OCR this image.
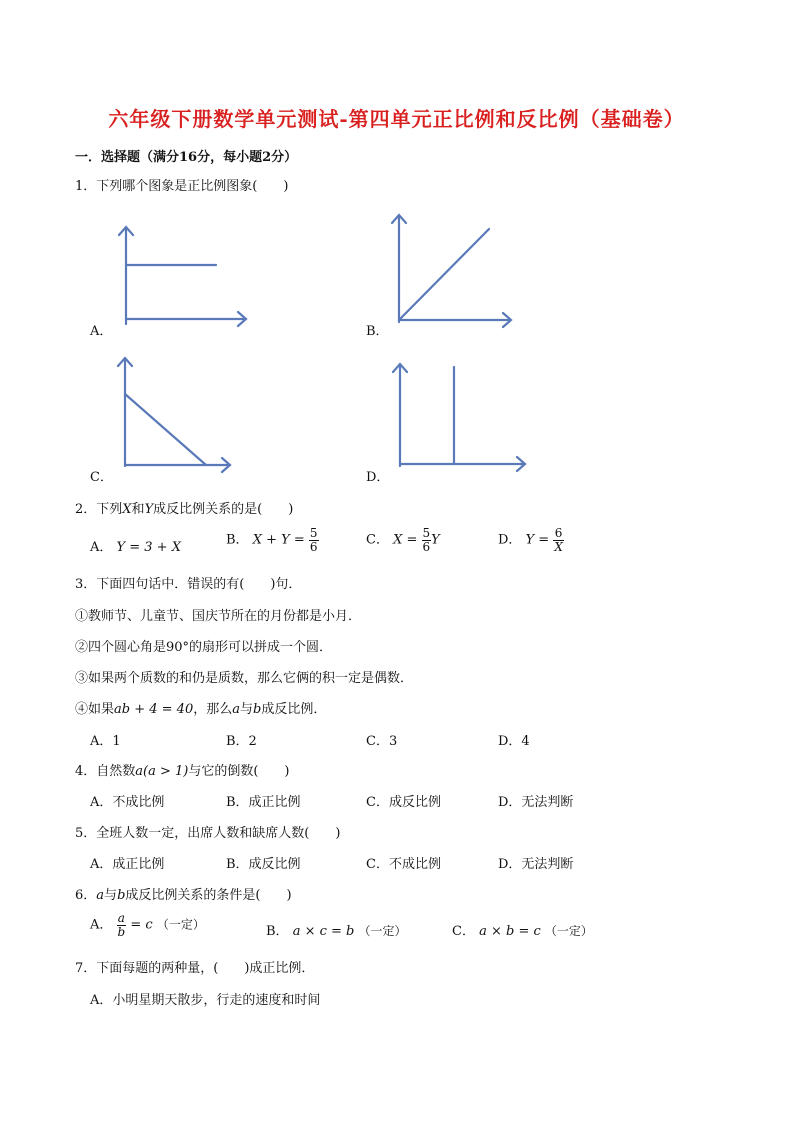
六年级下册数学单元测试-第四单元正比例和反比例（基础卷）
一．选择题（满分16分，每小题2分）
1．下列哪个图象是正比例图象(　　)
A．	B．
C．	D．
2．下列X和Y成反比例关系的是(　　)
A． Y = 3 + X	B． $X + Y = \frac{5}{6}$	C． $X = \frac{5}{6}$ Y	D． $Y = \frac{6}{X}$
3．下面四句话中．错误的有(　　)句．
①教师节、儿童节、国庆节所在的月份都是小月．
②四个圆心角是90°的扇形可以拼成一个圆．
③如果两个质数的和仍是质数，那么它俩的积一定是偶数．
④如果ab + 4 = 40，那么a与b成反比例．
A．1	B．2	C．3	D．4
4．自然数a(a > 1)与它的倒数(　　)
A．不成比例	B．成正比例	C．成反比例	D．无法判断
5．全班人数一定，出席人数和缺席人数(　　)
A．成正比例	B．成反比例	C．不成比例	D．无法判断
6．a与b成反比例关系的条件是(　　)
A． $\frac{a}{b} = c$ （一定）	B． a × c = b （一定）	C． a × b = c （一定）
7．下面每题的两种量，(　　)成正比例．
A．小明星期天散步，行走的速度和时间
